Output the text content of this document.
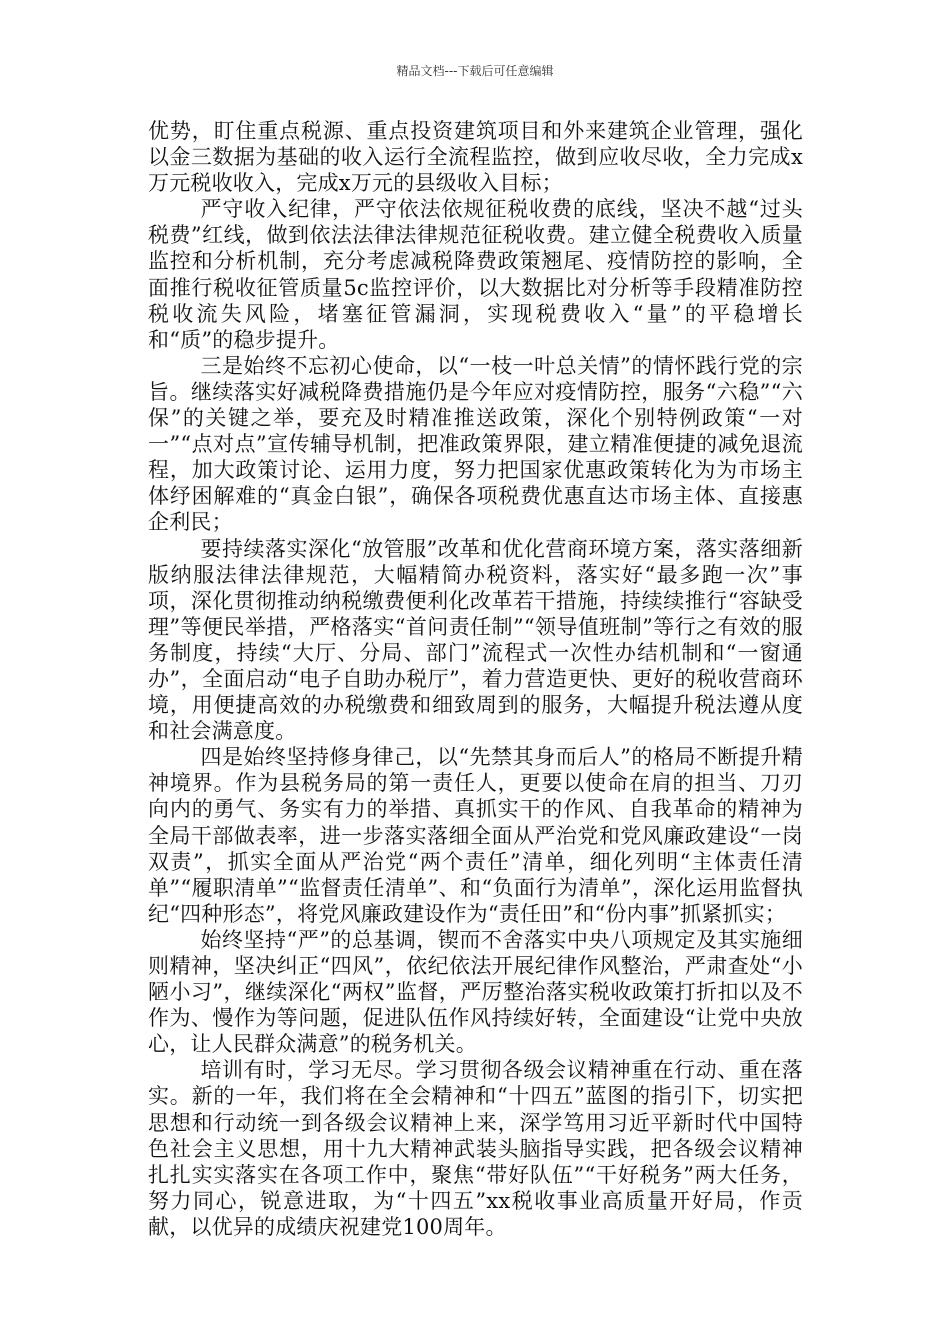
精品文档---下载后可任意编辑

优势，盯住重点税源、重点投资建筑项目和外来建筑企业管理，强化以金三数据为基础的收入运行全流程监控，做到应收尽收，全力完成x万元税收收入，完成x万元的县级收入目标；

严守收入纪律，严守依法依规征税收费的底线，坚决不越“过头税费”红线，做到依法法律法律规范征税收费。建立健全税费收入质量监控和分析机制，充分考虑减税降费政策翘尾、疫情防控的影响，全面推行税收征管质量5c监控评价，以大数据比对分析等手段精准防控税收流失风险，堵塞征管漏洞，实现税费收入“量”的平稳增长和“质”的稳步提升。

三是始终不忘初心使命，以“一枝一叶总关情”的情怀践行党的宗旨。继续落实好减税降费措施仍是今年应对疫情防控，服务“六稳”“六保”的关键之举，要充及时精准推送政策，深化个别特例政策“一对一”“点对点”宣传辅导机制，把准政策界限，建立精准便捷的减免退流程，加大政策讨论、运用力度，努力把国家优惠政策转化为为市场主体纾困解难的“真金白银”，确保各项税费优惠直达市场主体、直接惠企利民；

要持续落实深化“放管服”改革和优化营商环境方案，落实落细新版纳服法律法律规范，大幅精简办税资料，落实好“最多跑一次”事项，深化贯彻推动纳税缴费便利化改革若干措施，持续续推行“容缺受理”等便民举措，严格落实“首问责任制”“领导值班制”等行之有效的服务制度，持续“大厅、分局、部门”流程式一次性办结机制和“一窗通办”，全面启动“电子自助办税厅”，着力营造更快、更好的税收营商环境，用便捷高效的办税缴费和细致周到的服务，大幅提升税法遵从度和社会满意度。

四是始终坚持修身律己，以“先禁其身而后人”的格局不断提升精神境界。作为县税务局的第一责任人，更要以使命在肩的担当、刀刃向内的勇气、务实有力的举措、真抓实干的作风、自我革命的精神为全局干部做表率，进一步落实落细全面从严治党和党风廉政建设“一岗双责”，抓实全面从严治党“两个责任”清单，细化列明“主体责任清单”“履职清单”“监督责任清单”、和“负面行为清单”，深化运用监督执纪“四种形态”，将党风廉政建设作为“责任田”和“份内事”抓紧抓实；

始终坚持“严”的总基调，锲而不舍落实中央八项规定及其实施细则精神，坚决纠正“四风”，依纪依法开展纪律作风整治，严肃查处“小陋小习”，继续深化“两权”监督，严厉整治落实税收政策打折扣以及不作为、慢作为等问题，促进队伍作风持续好转，全面建设“让党中央放心，让人民群众满意”的税务机关。

培训有时，学习无尽。学习贯彻各级会议精神重在行动、重在落实。新的一年，我们将在全会精神和“十四五”蓝图的指引下，切实把思想和行动统一到各级会议精神上来，深学笃用习近平新时代中国特色社会主义思想，用十九大精神武装头脑指导实践，把各级会议精神扎扎实实落实在各项工作中，聚焦“带好队伍”“干好税务”两大任务，努力同心，锐意进取，为“十四五”xx税收事业高质量开好局，作贡献，以优异的成绩庆祝建党100周年。
